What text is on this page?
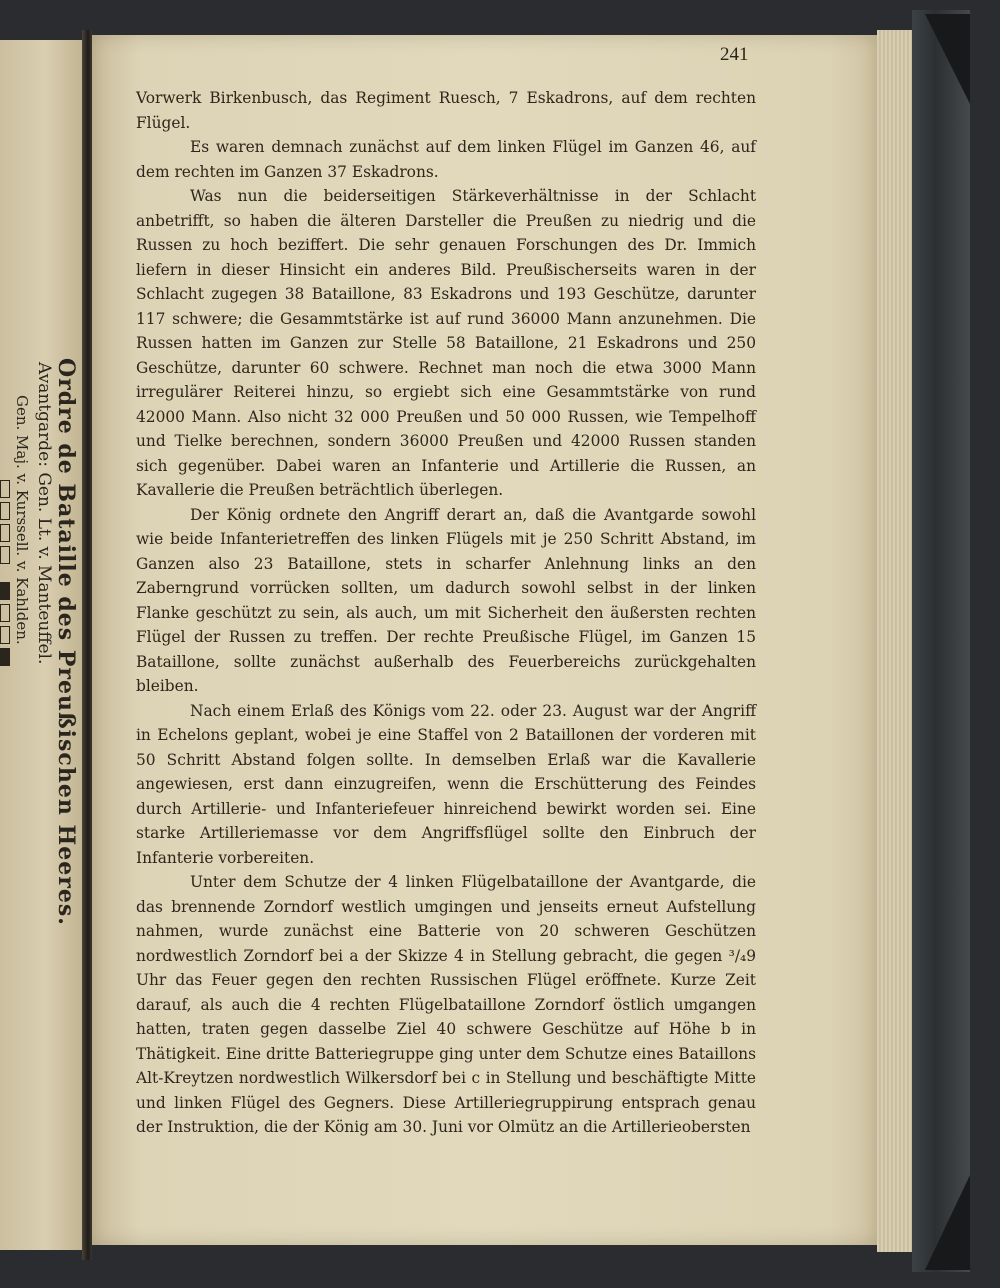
Ordre de Bataille des Preußischen Heeres.
Avantgarde: Gen. Lt. v. Manteuffel.
Gen. Maj. v. Kurssell. v. Kahlden.
241

Vorwerk Birkenbusch, das Regiment Ruesch, 7 Eskadrons, auf dem rechten Flügel.

Es waren demnach zunächst auf dem linken Flügel im Ganzen 46, auf dem rechten im Ganzen 37 Eskadrons.

Was nun die beiderseitigen Stärkeverhältnisse in der Schlacht anbetrifft, so haben die älteren Darsteller die Preußen zu niedrig und die Russen zu hoch beziffert. Die sehr genauen Forschungen des Dr. Immich liefern in dieser Hinsicht ein anderes Bild. Preußischerseits waren in der Schlacht zugegen 38 Bataillone, 83 Eskadrons und 193 Geschütze, darunter 117 schwere; die Gesammtstärke ist auf rund 36000 Mann anzunehmen. Die Russen hatten im Ganzen zur Stelle 58 Bataillone, 21 Eskadrons und 250 Geschütze, darunter 60 schwere. Rechnet man noch die etwa 3000 Mann irregulärer Reiterei hinzu, so ergiebt sich eine Gesammtstärke von rund 42000 Mann. Also nicht 32 000 Preußen und 50 000 Russen, wie Tempelhoff und Tielke berechnen, sondern 36000 Preußen und 42000 Russen standen sich gegenüber. Dabei waren an Infanterie und Artillerie die Russen, an Kavallerie die Preußen beträchtlich überlegen.

Der König ordnete den Angriff derart an, daß die Avantgarde sowohl wie beide Infanterietreffen des linken Flügels mit je 250 Schritt Abstand, im Ganzen also 23 Bataillone, stets in scharfer Anlehnung links an den Zaberngrund vorrücken sollten, um dadurch sowohl selbst in der linken Flanke geschützt zu sein, als auch, um mit Sicherheit den äußersten rechten Flügel der Russen zu treffen. Der rechte Preußische Flügel, im Ganzen 15 Bataillone, sollte zunächst außerhalb des Feuerbereichs zurückgehalten bleiben.

Nach einem Erlaß des Königs vom 22. oder 23. August war der Angriff in Echelons geplant, wobei je eine Staffel von 2 Bataillonen der vorderen mit 50 Schritt Abstand folgen sollte. In demselben Erlaß war die Kavallerie angewiesen, erst dann einzugreifen, wenn die Erschütterung des Feindes durch Artillerie- und Infanteriefeuer hinreichend bewirkt worden sei. Eine starke Artilleriemasse vor dem Angriffsflügel sollte den Einbruch der Infanterie vorbereiten.

Unter dem Schutze der 4 linken Flügelbataillone der Avantgarde, die das brennende Zorndorf westlich umgingen und jenseits erneut Aufstellung nahmen, wurde zunächst eine Batterie von 20 schweren Geschützen nordwestlich Zorndorf bei a der Skizze 4 in Stellung gebracht, die gegen ³/₄9 Uhr das Feuer gegen den rechten Russischen Flügel eröffnete. Kurze Zeit darauf, als auch die 4 rechten Flügelbataillone Zorndorf östlich umgangen hatten, traten gegen dasselbe Ziel 40 schwere Geschütze auf Höhe b in Thätigkeit. Eine dritte Batteriegruppe ging unter dem Schutze eines Bataillons Alt-Kreytzen nordwestlich Wilkersdorf bei c in Stellung und beschäftigte Mitte und linken Flügel des Gegners. Diese Artilleriegruppirung entsprach genau der Instruktion, die der König am 30. Juni vor Olmütz an die Artillerieobersten
